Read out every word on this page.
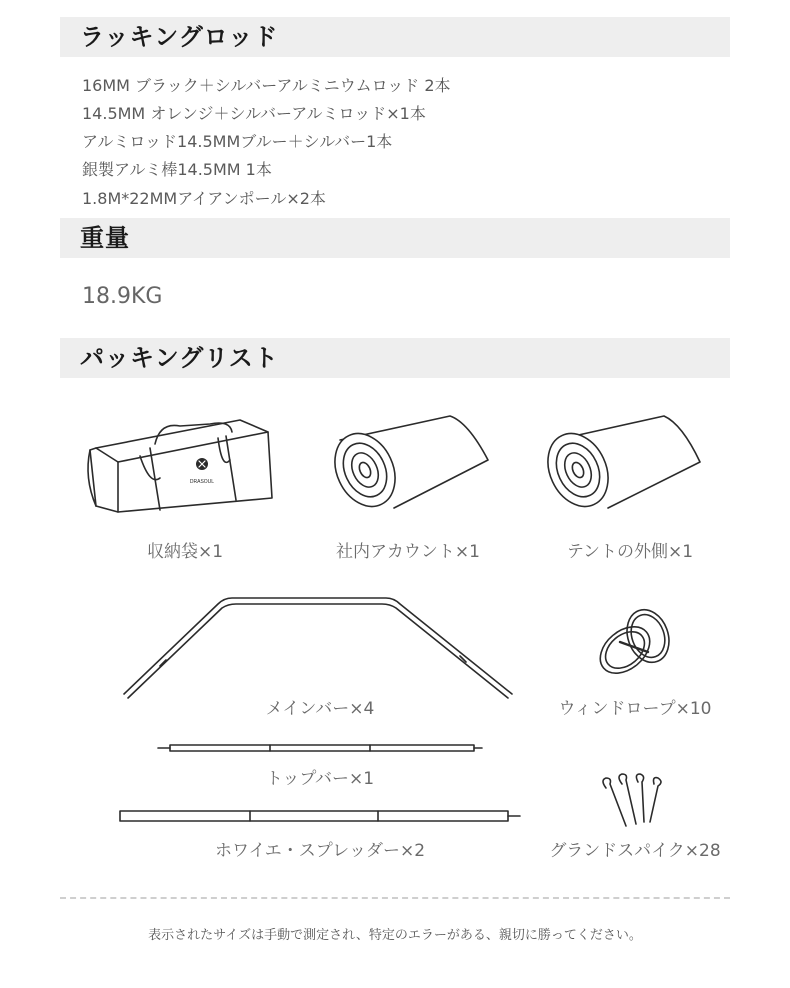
ラッキングロッド
16MM ブラック＋シルバーアルミニウムロッド 2本
14.5MM オレンジ＋シルバーアルミロッド×1本
アルミロッド14.5MMブルー＋シルバー1本
銀製アルミ棒14.5MM 1本
1.8M*22MMアイアンポール×2本
重量
18.9KG
パッキングリスト
DRASOUL
収納袋×1	社内アカウント×1	テントの外側×1
メインバー×4	ウィンドロープ×10
トップバー×1
ホワイエ・スプレッダー×2	グランドスパイク×28
表示されたサイズは手動で測定され、特定のエラーがある、親切に勝ってください。
